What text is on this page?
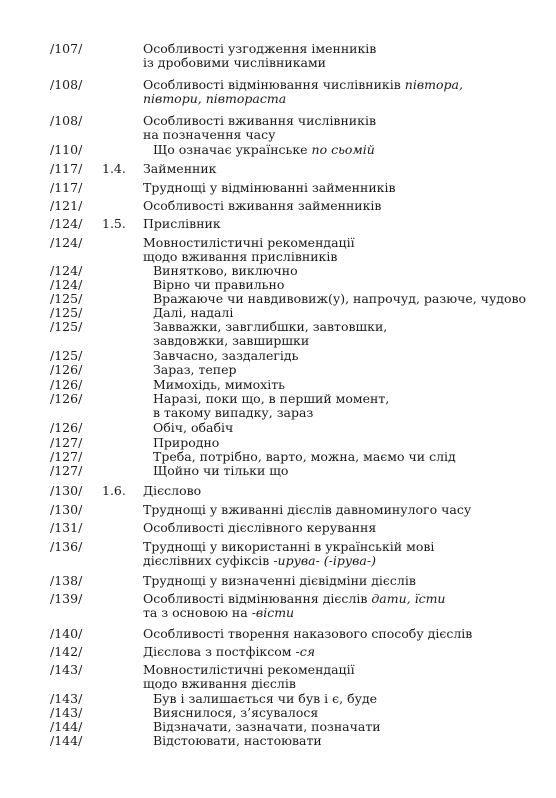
/107/	Особливості узгодження іменників
із дробовими числівниками
/108/	Особливості відмінювання числівників півтора,
півтори, півтораста
/108/	Особливості вживання числівників
на позначення часу
/110/	Що означає українське по сьомій
/117/ 1.4. Займенник
/117/	Труднощі у відмінюванні займенників
/121/	Особливості вживання займенників
/124/ 1.5. Прислівник
/124/	Мовностилістичні рекомендації
щодо вживання прислівників
/124/	Винятково, виключно
/124/	Вірно чи правильно
/125/	Вражаюче чи навдивовиж(у), напрочуд, разюче, чудово
/125/	Далі, надалі
/125/	Завважки, завглибшки, завтовшки,
завдовжки, завширшки
/125/	Завчасно, заздалегідь
/126/	Зараз, тепер
/126/	Мимохідь, мимохіть
/126/	Наразі, поки що, в перший момент,
в такому випадку, зараз
/126/	Обіч, обабіч
/127/	Природно
/127/	Треба, потрібно, варто, можна, маємо чи слід
/127/	Щойно чи тільки що
/130/ 1.6. Дієслово
/130/	Труднощі у вживанні дієслів давноминулого часу
/131/	Особливості дієслівного керування
/136/	Труднощі у використанні в українській мові
дієслівних суфіксів -ирува- (-ірува-)
/138/	Труднощі у визначенні дієвідміни дієслів
/139/	Особливості відмінювання дієслів дати, їсти
та з основою на -вісти
/140/	Особливості творення наказового способу дієслів
/142/	Дієслова з постфіксом -ся
/143/	Мовностилістичні рекомендації
щодо вживання дієслів
/143/	Був і залишається чи був і є, буде
/143/	Вияснилося, з’ясувалося
/144/	Відзначати, зазначати, позначати
/144/	Відстоювати, настоювати
